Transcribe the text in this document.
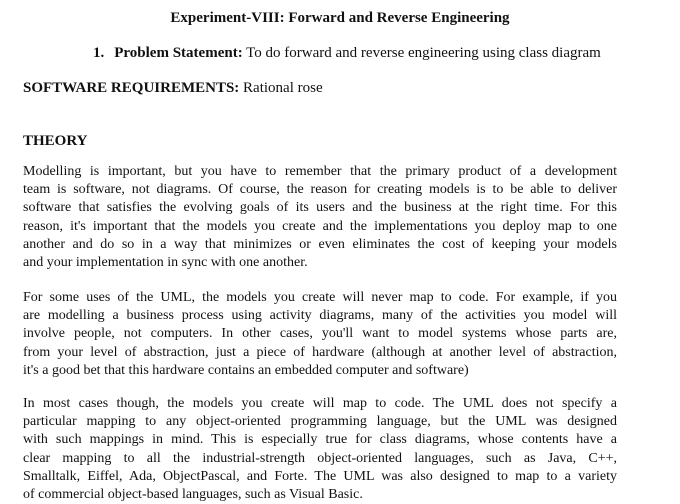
Experiment-VIII: Forward and Reverse Engineering
1. Problem Statement: To do forward and reverse engineering using class diagram
SOFTWARE REQUIREMENTS: Rational rose
THEORY
Modelling is important, but you have to remember that the primary product of a development
team is software, not diagrams. Of course, the reason for creating models is to be able to deliver
software that satisfies the evolving goals of its users and the business at the right time. For this
reason, it's important that the models you create and the implementations you deploy map to one
another and do so in a way that minimizes or even eliminates the cost of keeping your models
and your implementation in sync with one another.
For some uses of the UML, the models you create will never map to code. For example, if you
are modelling a business process using activity diagrams, many of the activities you model will
involve people, not computers. In other cases, you'll want to model systems whose parts are,
from your level of abstraction, just a piece of hardware (although at another level of abstraction,
it's a good bet that this hardware contains an embedded computer and software)
In most cases though, the models you create will map to code. The UML does not specify a
particular mapping to any object-oriented programming language, but the UML was designed
with such mappings in mind. This is especially true for class diagrams, whose contents have a
clear mapping to all the industrial-strength object-oriented languages, such as Java, C++,
Smalltalk, Eiffel, Ada, ObjectPascal, and Forte. The UML was also designed to map to a variety
of commercial object-based languages, such as Visual Basic.
